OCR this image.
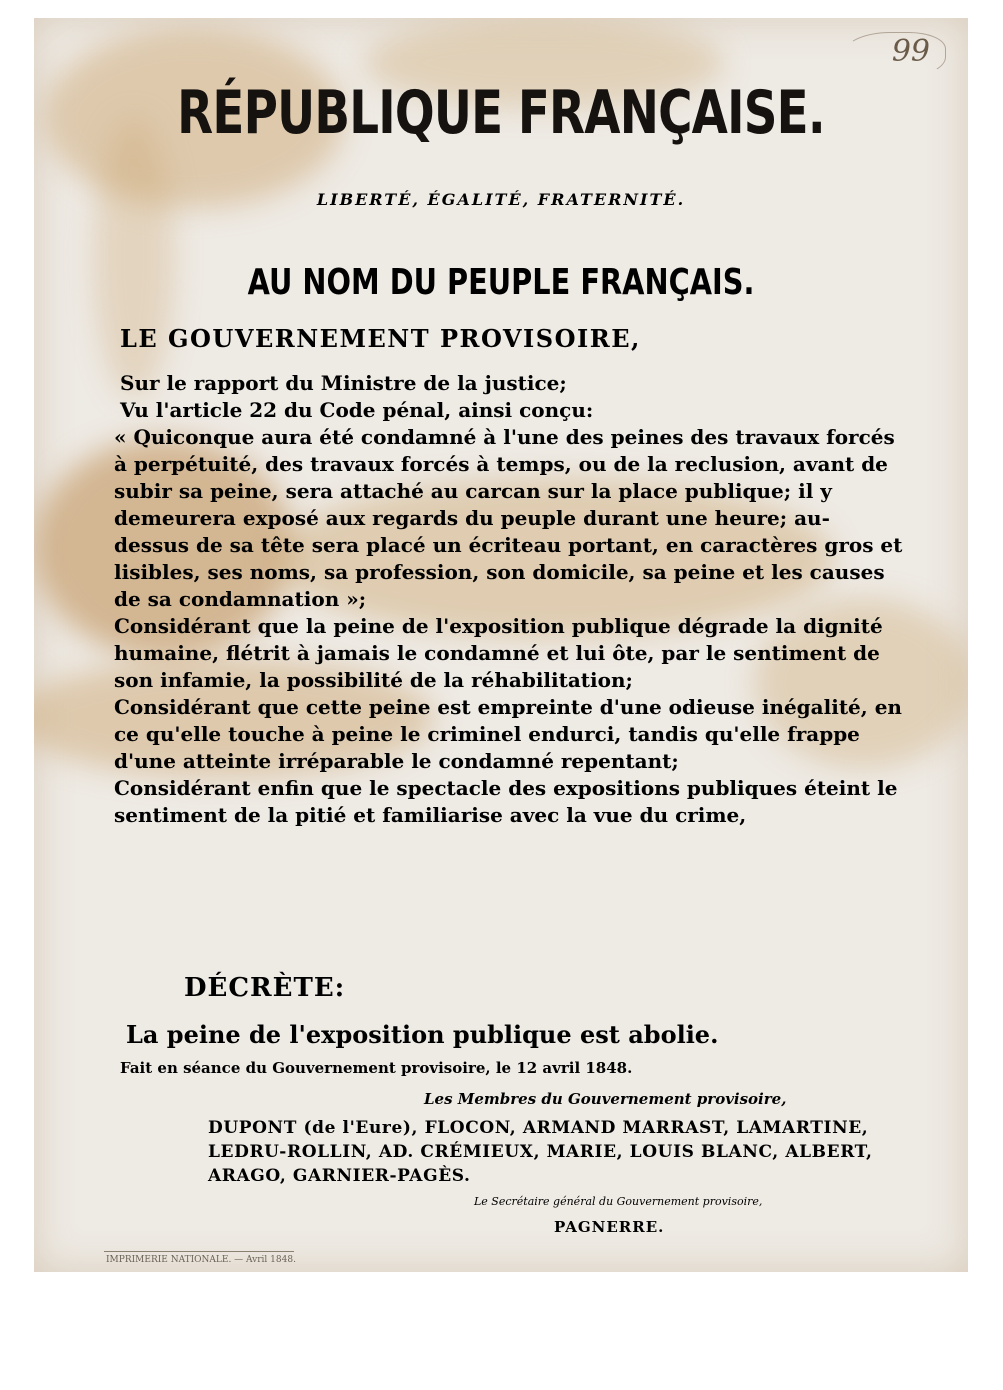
99
RÉPUBLIQUE FRANÇAISE.
LIBERTÉ, ÉGALITÉ, FRATERNITÉ.
AU NOM DU PEUPLE FRANÇAIS.
LE GOUVERNEMENT PROVISOIRE,

Sur le rapport du Ministre de la justice;

Vu l'article 22 du Code pénal, ainsi conçu:

« Quiconque aura été condamné à l'une des peines des travaux forcés à perpétuité, des travaux forcés à temps, ou de la reclusion, avant de subir sa peine, sera attaché au carcan sur la place publique; il y demeurera exposé aux regards du peuple durant une heure; au-dessus de sa tête sera placé un écriteau portant, en caractères gros et lisibles, ses noms, sa profession, son domicile, sa peine et les causes de sa condamnation »;

Considérant que la peine de l'exposition publique dégrade la dignité humaine, flétrit à jamais le condamné et lui ôte, par le sentiment de son infamie, la possibilité de la réhabilitation;

Considérant que cette peine est empreinte d'une odieuse inégalité, en ce qu'elle touche à peine le criminel endurci, tandis qu'elle frappe d'une atteinte irréparable le condamné repentant;

Considérant enfin que le spectacle des expositions publiques éteint le sentiment de la pitié et familiarise avec la vue du crime,

DÉCRÈTE:
La peine de l'exposition publique est abolie.
Fait en séance du Gouvernement provisoire, le 12 avril 1848.
Les Membres du Gouvernement provisoire,
DUPONT (de l'Eure), FLOCON, ARMAND MARRAST, LAMARTINE, LEDRU-ROLLIN, AD. CRÉMIEUX, MARIE, LOUIS BLANC, ALBERT, ARAGO, GARNIER-PAGÈS.
Le Secrétaire général du Gouvernement provisoire,
PAGNERRE.
IMPRIMERIE NATIONALE. — Avril 1848.
